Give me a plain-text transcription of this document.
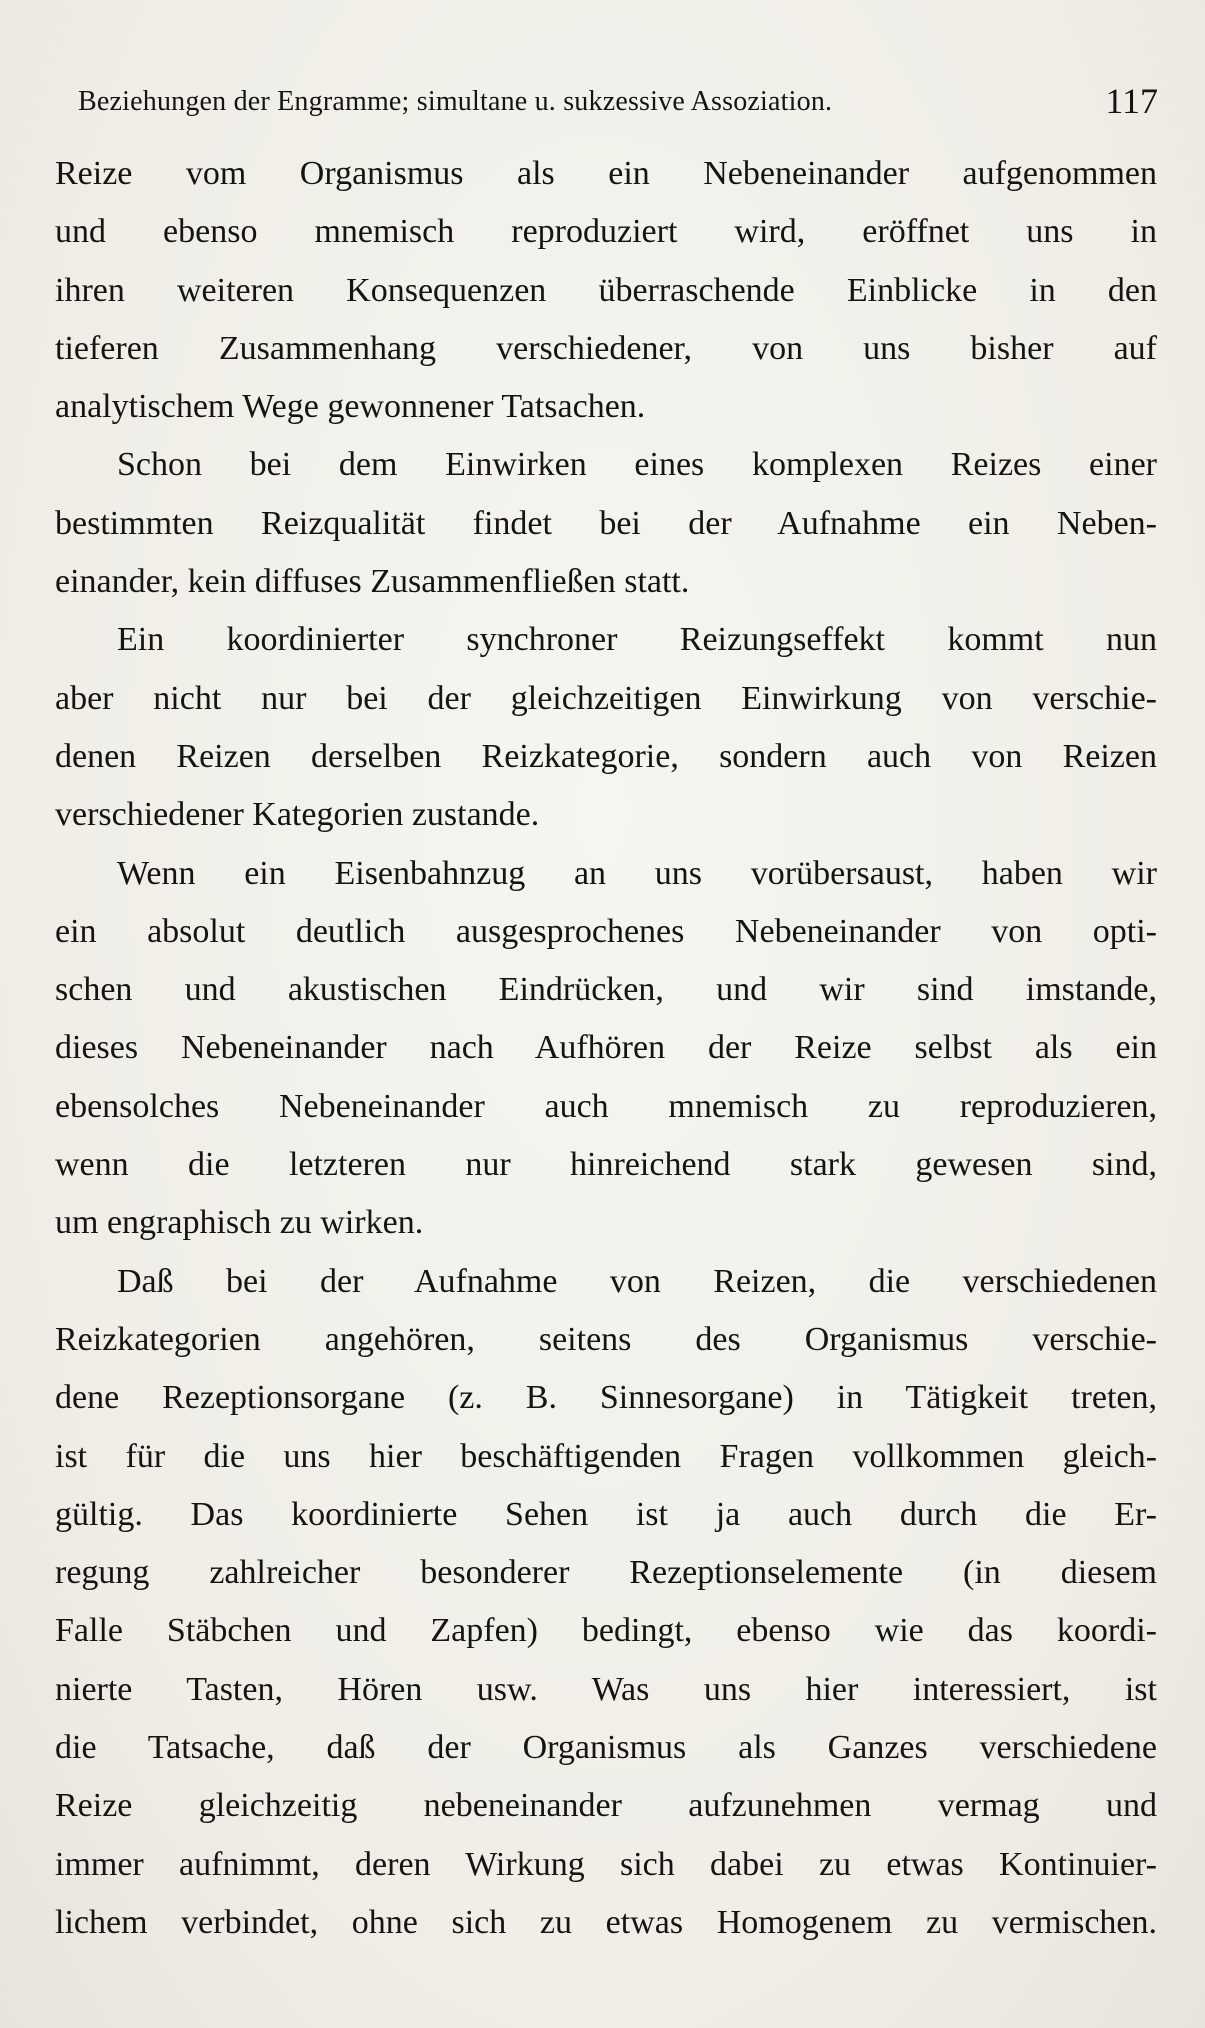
Beziehungen der Engramme; simultane u. sukzessive Assoziation.	117
Reize vom Organismus als ein Nebeneinander aufgenommen
und ebenso mnemisch reproduziert wird, eröffnet uns in
ihren weiteren Konsequenzen überraschende Einblicke in den
tieferen Zusammenhang verschiedener, von uns bisher auf
analytischem Wege gewonnener Tatsachen.
Schon bei dem Einwirken eines komplexen Reizes einer
bestimmten Reizqualität findet bei der Aufnahme ein Neben-
einander, kein diffuses Zusammenfließen statt.
Ein koordinierter synchroner Reizungseffekt kommt nun
aber nicht nur bei der gleichzeitigen Einwirkung von verschie-
denen Reizen derselben Reizkategorie, sondern auch von Reizen
verschiedener Kategorien zustande.
Wenn ein Eisenbahnzug an uns vorübersaust, haben wir
ein absolut deutlich ausgesprochenes Nebeneinander von opti-
schen und akustischen Eindrücken, und wir sind imstande,
dieses Nebeneinander nach Aufhören der Reize selbst als ein
ebensolches Nebeneinander auch mnemisch zu reproduzieren,
wenn die letzteren nur hinreichend stark gewesen sind,
um engraphisch zu wirken.
Daß bei der Aufnahme von Reizen, die verschiedenen
Reizkategorien angehören, seitens des Organismus verschie-
dene Rezeptionsorgane (z. B. Sinnesorgane) in Tätigkeit treten,
ist für die uns hier beschäftigenden Fragen vollkommen gleich-
gültig. Das koordinierte Sehen ist ja auch durch die Er-
regung zahlreicher besonderer Rezeptionselemente (in diesem
Falle Stäbchen und Zapfen) bedingt, ebenso wie das koordi-
nierte Tasten, Hören usw. Was uns hier interessiert, ist
die Tatsache, daß der Organismus als Ganzes verschiedene
Reize gleichzeitig nebeneinander aufzunehmen vermag und
immer aufnimmt, deren Wirkung sich dabei zu etwas Kontinuier-
lichem verbindet, ohne sich zu etwas Homogenem zu vermischen.
